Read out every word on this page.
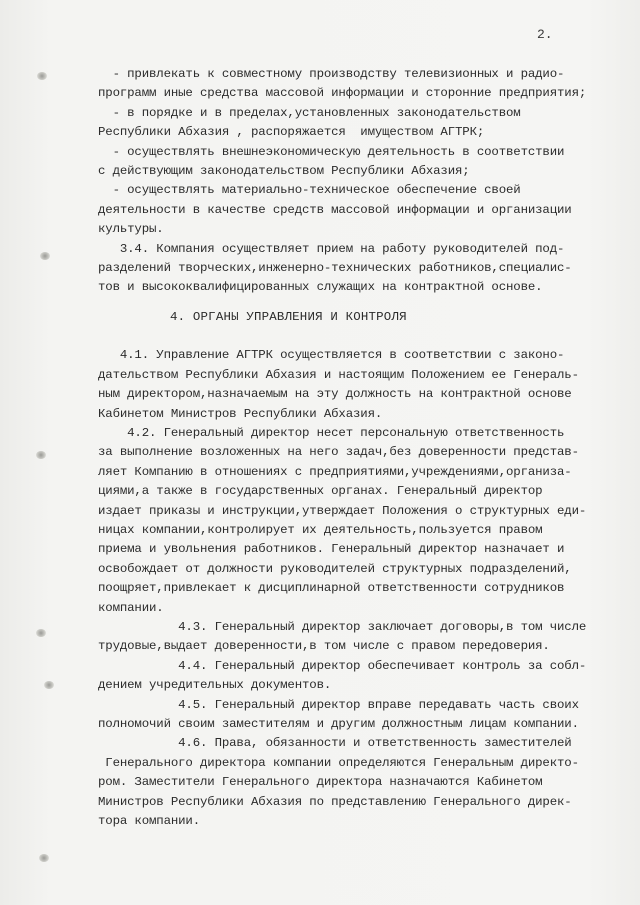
2.
- привлекать к совместному производству телевизионных и радио-
программ иные средства массовой информации и сторонние предприятия;
- в порядке и в пределах,установленных законодательством
Республики Абхазия , распоряжается  имуществом АГТРК;
- осуществлять внешнеэкономическую деятельность в соответствии
с действующим законодательством Республики Абхазия;
- осуществлять материально-техническое обеспечение своей
деятельности в качестве средств массовой информации и организации
культуры.
3.4. Компания осуществляет прием на работу руководителей под-
разделений творческих,инженерно-технических работников,специалис-
тов и высококвалифицированных служащих на контрактной основе.
4. ОРГАНЫ УПРАВЛЕНИЯ И КОНТРОЛЯ
4.1. Управление АГТРК осуществляется в соответствии с законо-
дательством Республики Абхазия и настоящим Положением ее Генераль-
ным директором,назначаемым на эту должность на контрактной основе
Кабинетом Министров Республики Абхазия.
4.2. Генеральный директор несет персональную ответственность
за выполнение возложенных на него задач,без доверенности представ-
ляет Компанию в отношениях с предприятиями,учреждениями,организа-
циями,а также в государственных органах. Генеральный директор
издает приказы и инструкции,утверждает Положения о структурных еди-
ницах компании,контролирует их деятельность,пользуется правом
приема и увольнения работников. Генеральный директор назначает и
освобождает от должности руководителей структурных подразделений,
поощряет,привлекает к дисциплинарной ответственности сотрудников
компании.
4.3. Генеральный директор заключает договоры,в том числе
трудовые,выдает доверенности,в том числе с правом передоверия.
4.4. Генеральный директор обеспечивает контроль за собл-
дением учредительных документов.
4.5. Генеральный директор вправе передавать часть своих
полномочий своим заместителям и другим должностным лицам компании.
4.6. Права, обязанности и ответственность заместителей
Генерального директора компании определяются Генеральным директо-
ром. Заместители Генерального директора назначаются Кабинетом
Министров Республики Абхазия по представлению Генерального дирек-
тора компании.
